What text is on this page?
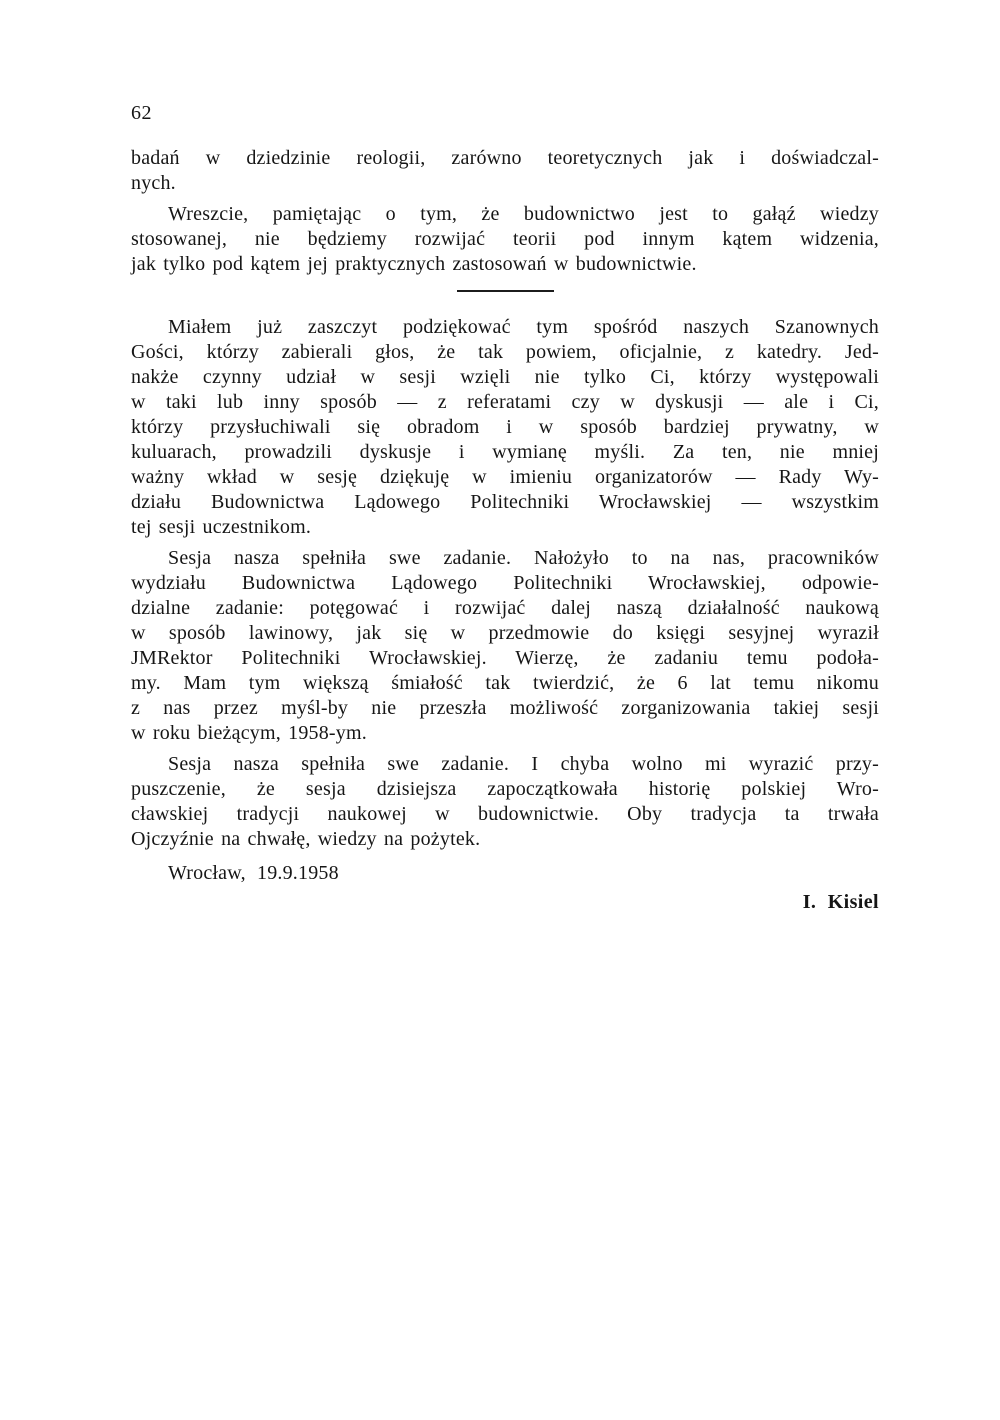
62
badań w dziedzinie reologii, zarówno teoretycznych jak i doświadczal-
nych.
Wreszcie, pamiętając o tym, że budownictwo jest to gałąź wiedzy
stosowanej, nie będziemy rozwijać teorii pod innym kątem widzenia,
jak tylko pod kątem jej praktycznych zastosowań w budownictwie.
Miałem już zaszczyt podziękować tym spośród naszych Szanownych
Gości, którzy zabierali głos, że tak powiem, oficjalnie, z katedry. Jed-
nakże czynny udział w sesji wzięli nie tylko Ci, którzy występowali
w taki lub inny sposób — z referatami czy w dyskusji — ale i Ci,
którzy przysłuchiwali się obradom i w sposób bardziej prywatny, w
kuluarach, prowadzili dyskusje i wymianę myśli. Za ten, nie mniej
ważny wkład w sesję dziękuję w imieniu organizatorów — Rady Wy-
działu Budownictwa Lądowego Politechniki Wrocławskiej — wszystkim
tej sesji uczestnikom.
Sesja nasza spełniła swe zadanie. Nałożyło to na nas, pracowników
wydziału Budownictwa Lądowego Politechniki Wrocławskiej, odpowie-
dzialne zadanie: potęgować i rozwijać dalej naszą działalność naukową
w sposób lawinowy, jak się w przedmowie do księgi sesyjnej wyraził
JMRektor Politechniki Wrocławskiej. Wierzę, że zadaniu temu podoła-
my. Mam tym większą śmiałość tak twierdzić, że 6 lat temu nikomu
z nas przez myśl-by nie przeszła możliwość zorganizowania takiej sesji
w roku bieżącym, 1958-ym.
Sesja nasza spełniła swe zadanie. I chyba wolno mi wyrazić przy-
puszczenie, że sesja dzisiejsza zapoczątkowała historię polskiej Wro-
cławskiej tradycji naukowej w budownictwie. Oby tradycja ta trwała
Ojczyźnie na chwałę, wiedzy na pożytek.
Wrocław, 19.9.1958
I. Kisiel
